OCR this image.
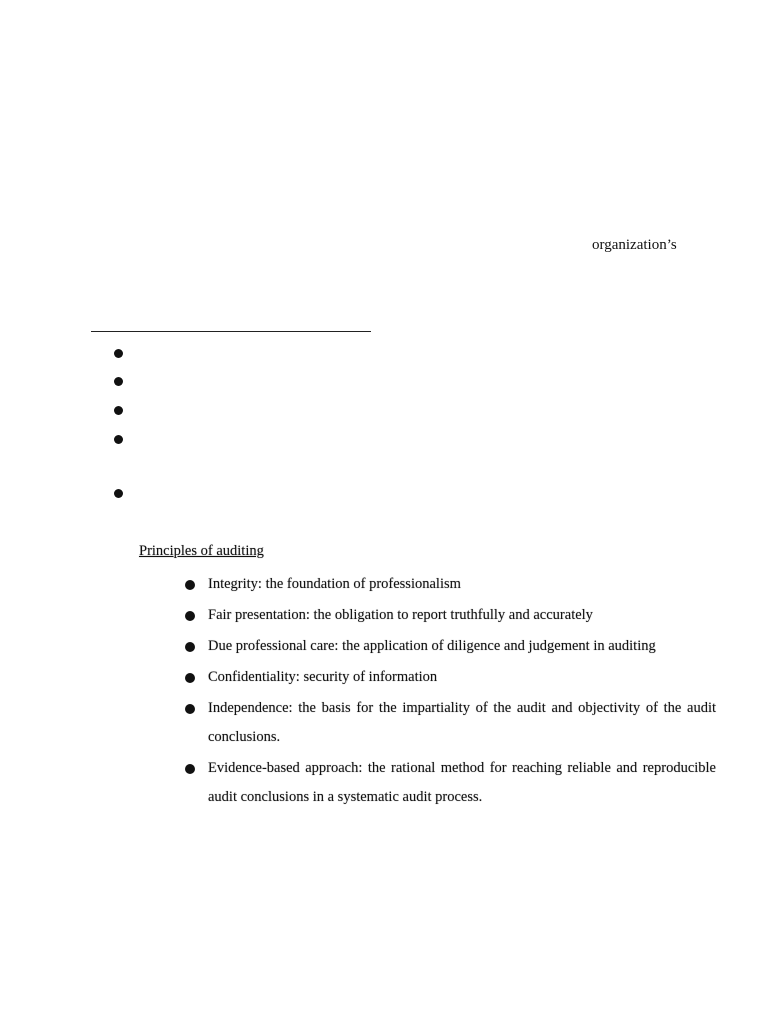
organization’s
Principles of auditing
Integrity: the foundation of professionalism
Fair presentation: the obligation to report truthfully and accurately
Due professional care: the application of diligence and judgement in auditing
Confidentiality: security of information
Independence: the basis for the impartiality of the audit and objectivity of the audit conclusions.
Evidence-based approach: the rational method for reaching reliable and reproducible audit conclusions in a systematic audit process.
